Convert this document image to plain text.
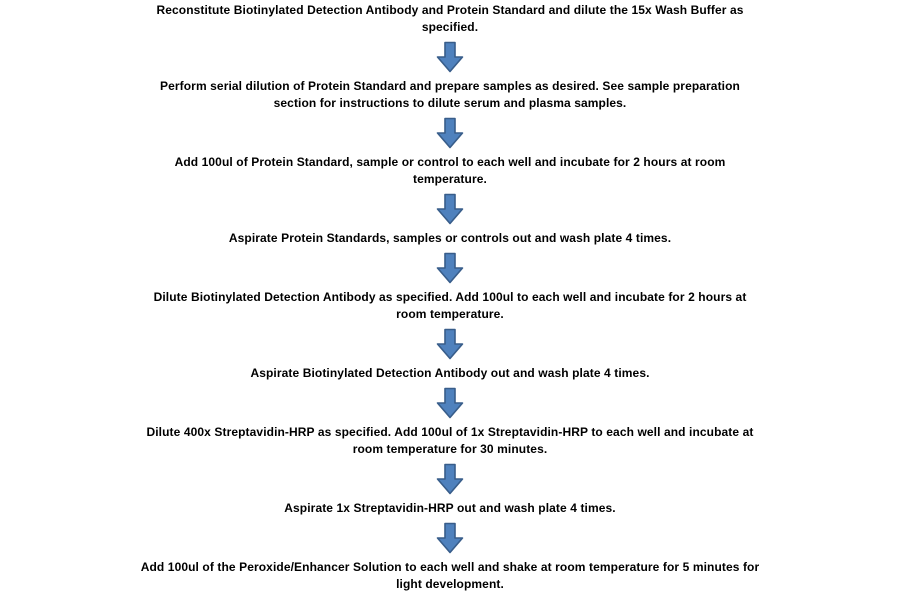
Reconstitute Biotinylated Detection Antibody and Protein Standard and dilute the 15x Wash Buffer as specified.
Perform serial dilution of Protein Standard and prepare samples as desired. See sample preparation section for instructions to dilute serum and plasma samples.
Add 100ul of Protein Standard, sample or control to each well and incubate for 2 hours at room temperature.
Aspirate Protein Standards, samples or controls out and wash plate 4 times.
Dilute Biotinylated Detection Antibody as specified. Add 100ul to each well and incubate for 2 hours at room temperature.
Aspirate Biotinylated Detection Antibody out and wash plate 4 times.
Dilute 400x Streptavidin-HRP as specified. Add 100ul of 1x Streptavidin-HRP to each well and incubate at room temperature for 30 minutes.
Aspirate 1x Streptavidin-HRP out and wash plate 4 times.
Add 100ul of the Peroxide/Enhancer Solution to each well and shake at room temperature for 5 minutes for light development.
